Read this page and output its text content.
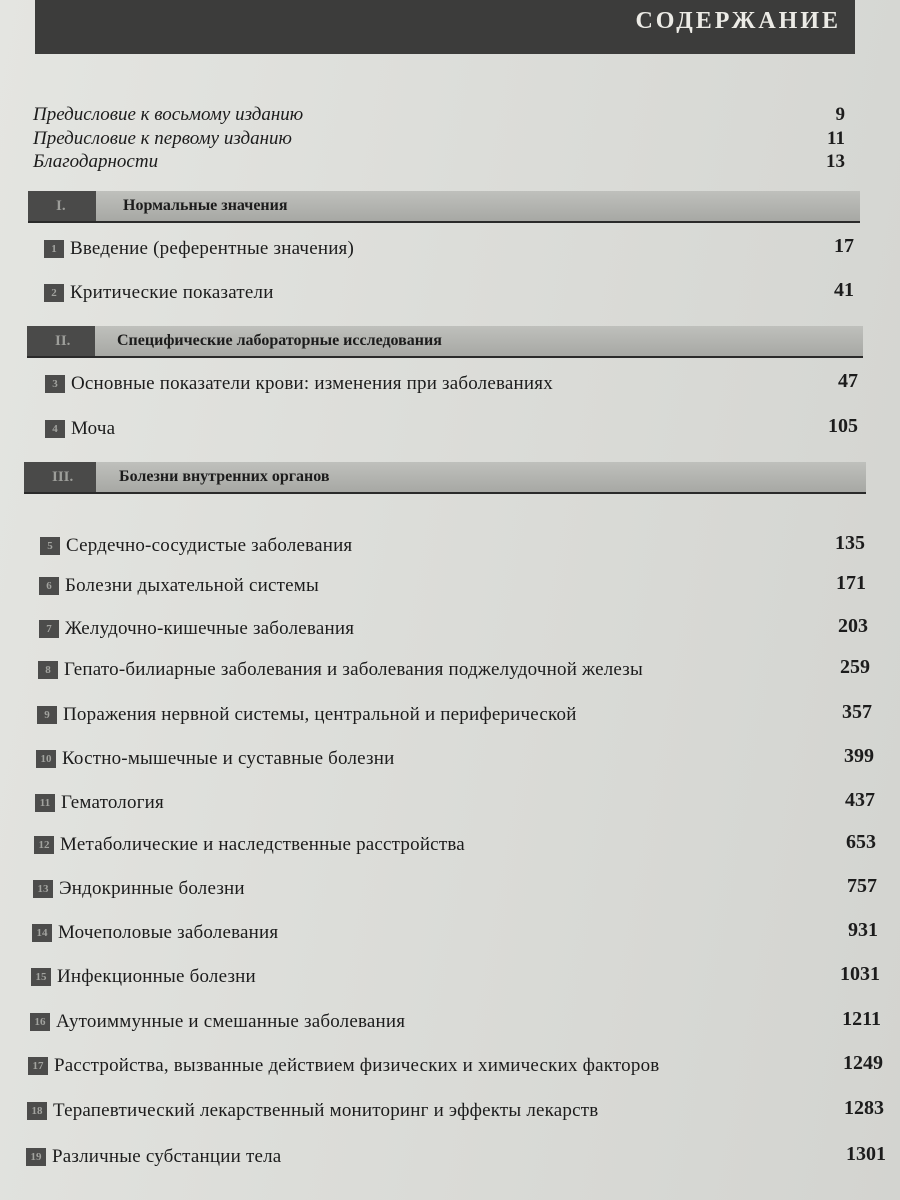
СОДЕРЖАНИЕ
Предисловие к восьмому изданию	9
Предисловие к первому изданию	11
Благодарности	13
I.	Нормальные значения
1 Введение (референтные значения)	17
2 Критические показатели	41
II.	Специфические лабораторные исследования
3 Основные показатели крови: изменения при заболеваниях	47
4 Моча	105
III.	Болезни внутренних органов
5 Сердечно-сосудистые заболевания	135
6 Болезни дыхательной системы	171
7 Желудочно-кишечные заболевания	203
8 Гепато-билиарные заболевания и заболевания поджелудочной железы	259
9 Поражения нервной системы, центральной и периферической	357
10 Костно-мышечные и суставные болезни	399
11 Гематология	437
12 Метаболические и наследственные расстройства	653
13 Эндокринные болезни	757
14 Мочеполовые заболевания	931
15 Инфекционные болезни	1031
16 Аутоиммунные и смешанные заболевания	1211
17 Расстройства, вызванные действием физических и химических факторов	1249
18 Терапевтический лекарственный мониторинг и эффекты лекарств	1283
19 Различные субстанции тела	1301
